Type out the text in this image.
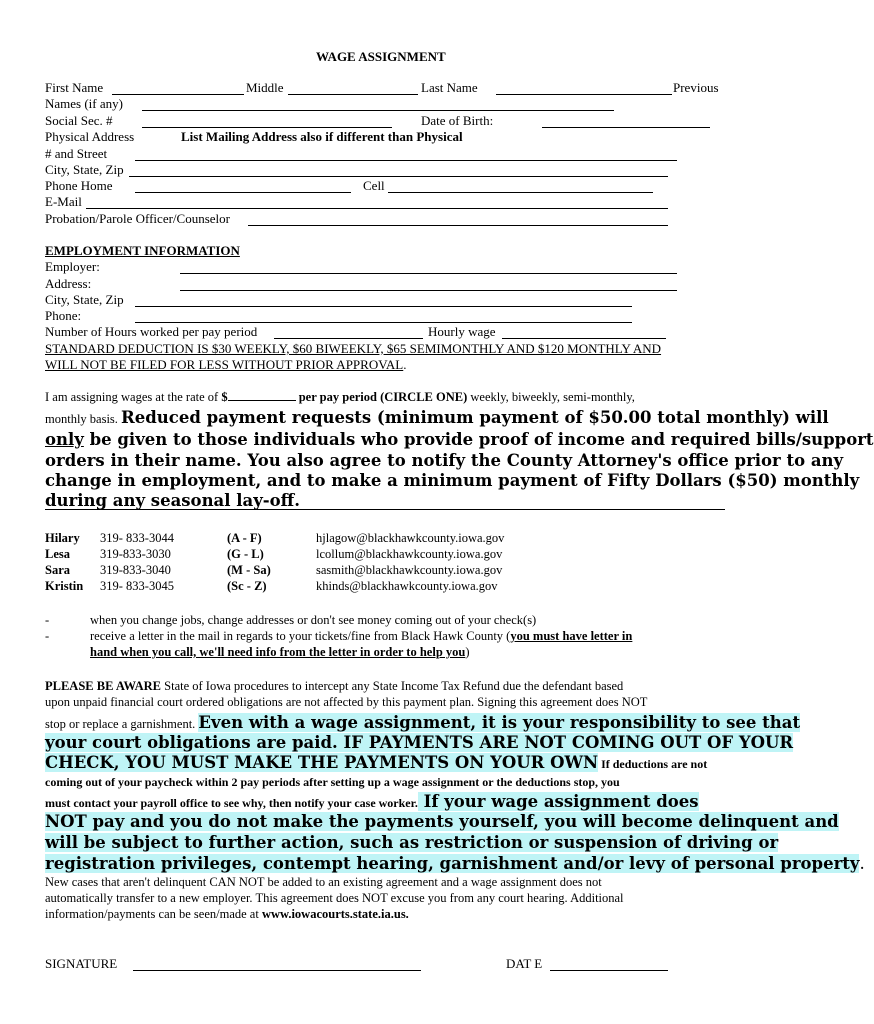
WAGE ASSIGNMENT
First Name	Middle	Last Name	Previous
Names (if any)
Social Sec. #	Date of Birth:
Physical Address	List Mailing Address also if different than Physical
# and Street
City, State, Zip
Phone Home	Cell
E-Mail
Probation/Parole Officer/Counselor
EMPLOYMENT INFORMATION
Employer:
Address:
City, State, Zip
Phone:
Number of Hours worked per pay period	Hourly wage
STANDARD DEDUCTION IS $30 WEEKLY, $60 BIWEEKLY, $65 SEMIMONTHLY AND $120 MONTHLY AND
WILL NOT BE FILED FOR LESS WITHOUT PRIOR APPROVAL.
I am assigning wages at the rate of $	per pay period (CIRCLE ONE) weekly, biweekly, semi-monthly,
monthly basis. Reduced payment requests (minimum payment of $50.00 total monthly) will
only be given to those individuals who provide proof of income and required bills/support
orders in their name. You also agree to notify the County Attorney's office prior to any
change in employment, and to make a minimum payment of Fifty Dollars ($50) monthly
during any seasonal lay-off.
Hilary 319- 833-3044	(A - F)	hjlagow@blackhawkcounty.iowa.gov
Lesa 319-833-3030	(G - L)	lcollum@blackhawkcounty.iowa.gov
Sara 319-833-3040	(M - Sa)	sasmith@blackhawkcounty.iowa.gov
Kristin 319- 833-3045	(Sc - Z)	khinds@blackhawkcounty.iowa.gov
-	when you change jobs, change addresses or don't see money coming out of your check(s)
-	receive a letter in the mail in regards to your tickets/fine from Black Hawk County (you must have letter in
hand when you call, we'll need info from the letter in order to help you)
PLEASE BE AWARE State of Iowa procedures to intercept any State Income Tax Refund due the defendant based
upon unpaid financial court ordered obligations are not affected by this payment plan. Signing this agreement does NOT
stop or replace a garnishment. Even with a wage assignment, it is your responsibility to see that
your court obligations are paid. IF PAYMENTS ARE NOT COMING OUT OF YOUR
CHECK, YOU MUST MAKE THE PAYMENTS ON YOUR OWN If deductions are not
coming out of your paycheck within 2 pay periods after setting up a wage assignment or the deductions stop, you
must contact your payroll office to see why, then notify your case worker. If your wage assignment does
NOT pay and you do not make the payments yourself, you will become delinquent and
will be subject to further action, such as restriction or suspension of driving or
registration privileges, contempt hearing, garnishment and/or levy of personal property.
New cases that aren't delinquent CAN NOT be added to an existing agreement and a wage assignment does not
automatically transfer to a new employer. This agreement does NOT excuse you from any court hearing. Additional
information/payments can be seen/made at www.iowacourts.state.ia.us.
SIGNATURE	DAT E
